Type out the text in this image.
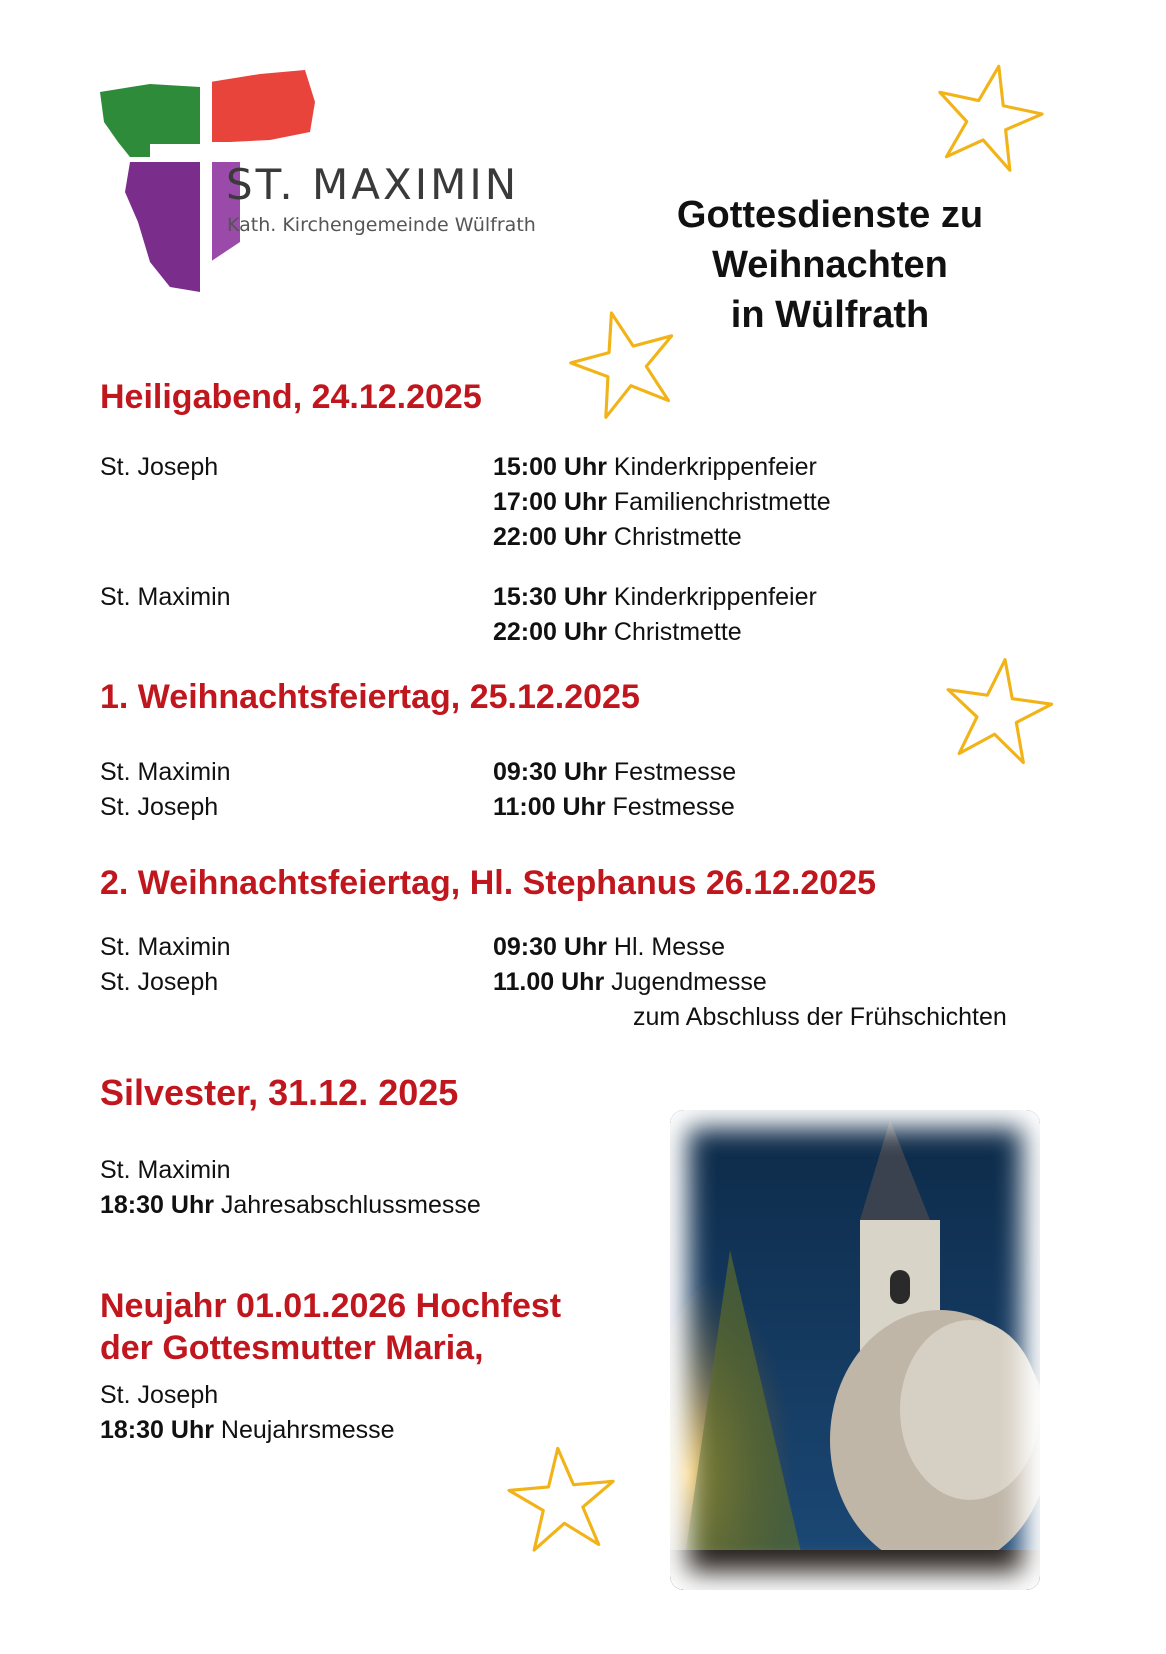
ST. MAXIMIN
Kath. Kirchengemeinde Wülfrath	Gottesdienste zu
Weihnachten
in Wülfrath
Heiligabend, 24.12.2025
St. Joseph	15:00 Uhr Kinderkrippenfeier
17:00 Uhr Familienchristmette
22:00 Uhr Christmette
St. Maximin	15:30 Uhr Kinderkrippenfeier
22:00 Uhr Christmette
1. Weihnachtsfeiertag, 25.12.2025
St. Maximin	09:30 Uhr Festmesse
St. Joseph	11:00 Uhr Festmesse
2. Weihnachtsfeiertag, Hl. Stephanus 26.12.2025
St. Maximin	09:30 Uhr Hl. Messe
St. Joseph	11.00 Uhr Jugendmesse
zum Abschluss der Frühschichten
Silvester, 31.12. 2025
St. Maximin
18:30 Uhr Jahresabschlussmesse
Neujahr 01.01.2026 Hochfest
der Gottesmutter Maria,
St. Joseph
18:30 Uhr Neujahrsmesse
